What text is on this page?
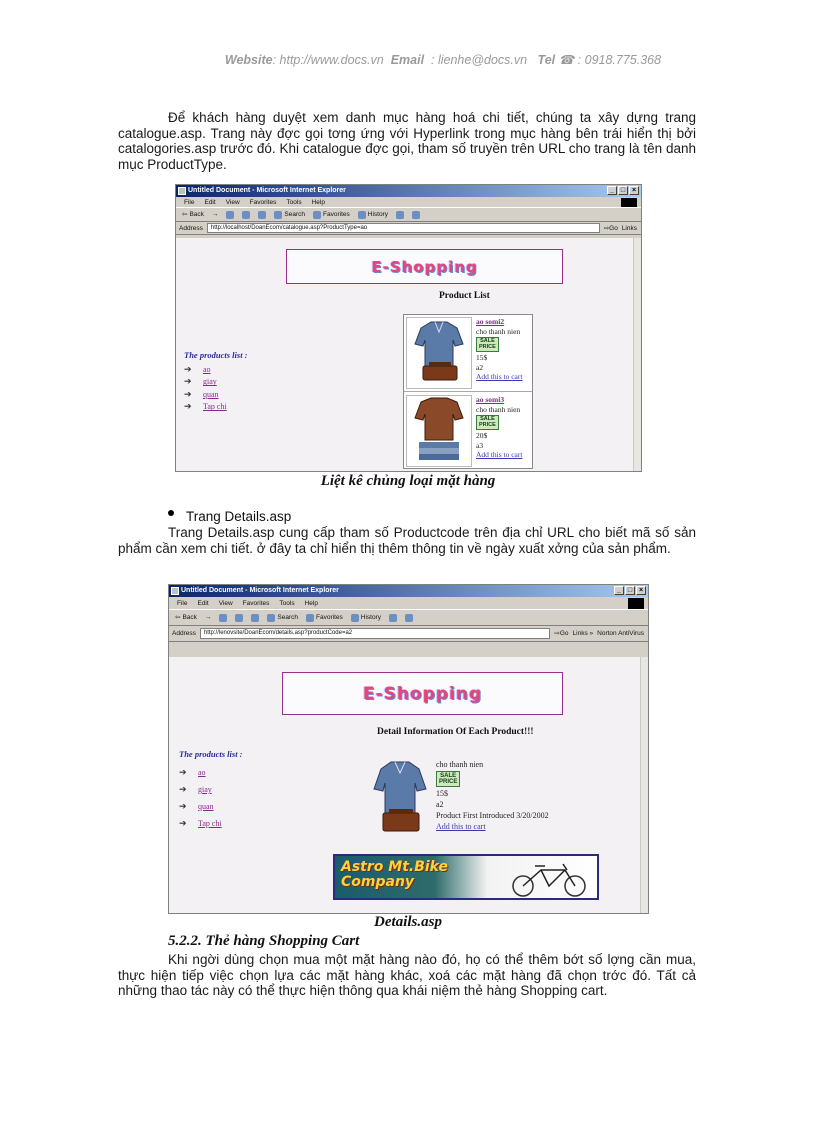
Website: http://www.docs.vn Email : lienhe@docs.vn Tel ☎ : 0918.775.368
Để khách hàng duyệt xem danh mục hàng hoá chi tiết, chúng ta xây dựng trang catalogue.asp. Trang này đợc gọi tơng ứng với Hyperlink trong mục hàng bên trái hiển thị bởi catalogories.asp trước đó. Khi catalogue đợc gọi, tham số truyền trên URL cho trang là tên danh mục ProductType.
Untitled Document - Microsoft Internet Explorer	_ □ ×
File Edit View Favorites Tools Help
⇦ Back →	Search	Favorites	History
Address	http://localhost/DoanEcom/catalogue.asp?ProductType=ao	⇨Go Links
E-Shopping
Product List
The products list :
➔	ao
➔	giay
➔	quan
➔	Tap chi
ao somi2
cho thanh nien
SALE
PRICE
15$
a2
Add this to cart
ao somi3
cho thanh nien
SALE
PRICE
20$
a3
Add this to cart
Liệt kê chủng loại mặt hàng
Trang Details.asp
Trang Details.asp cung cấp tham số Productcode trên địa chỉ URL cho biết mã số sản phẩm cần xem chi tiết. ở đây ta chỉ hiển thị thêm thông tin về ngày xuất xởng của sản phẩm.
Untitled Document - Microsoft Internet Explorer	_ □ ×
File Edit View Favorites Tools Help
⇦ Back →	Search	Favorites	History
Address	http://lenovsite/DoanEcom/details.asp?productCode=a2	⇨Go Links » Norton AntiVirus
E-Shopping
Detail Information Of Each Product!!!
The products list :
➔	ao
➔	giay
➔	quan
➔	Tap chi
cho thanh nien
SALE
PRICE
15$
a2
Product First Introduced 3/20/2002
Add this to cart
Astro Mt.Bike
Company
Details.asp
5.2.2. Thẻ hàng Shopping Cart
Khi ngời dùng chọn mua một mặt hàng nào đó, họ có thể thêm bớt số lợng cần mua, thực hiện tiếp việc chọn lựa các mặt hàng khác, xoá các mặt hàng đã chọn trớc đó. Tất cả những thao tác này có thể thực hiện thông qua khái niệm thẻ hàng Shopping cart.
